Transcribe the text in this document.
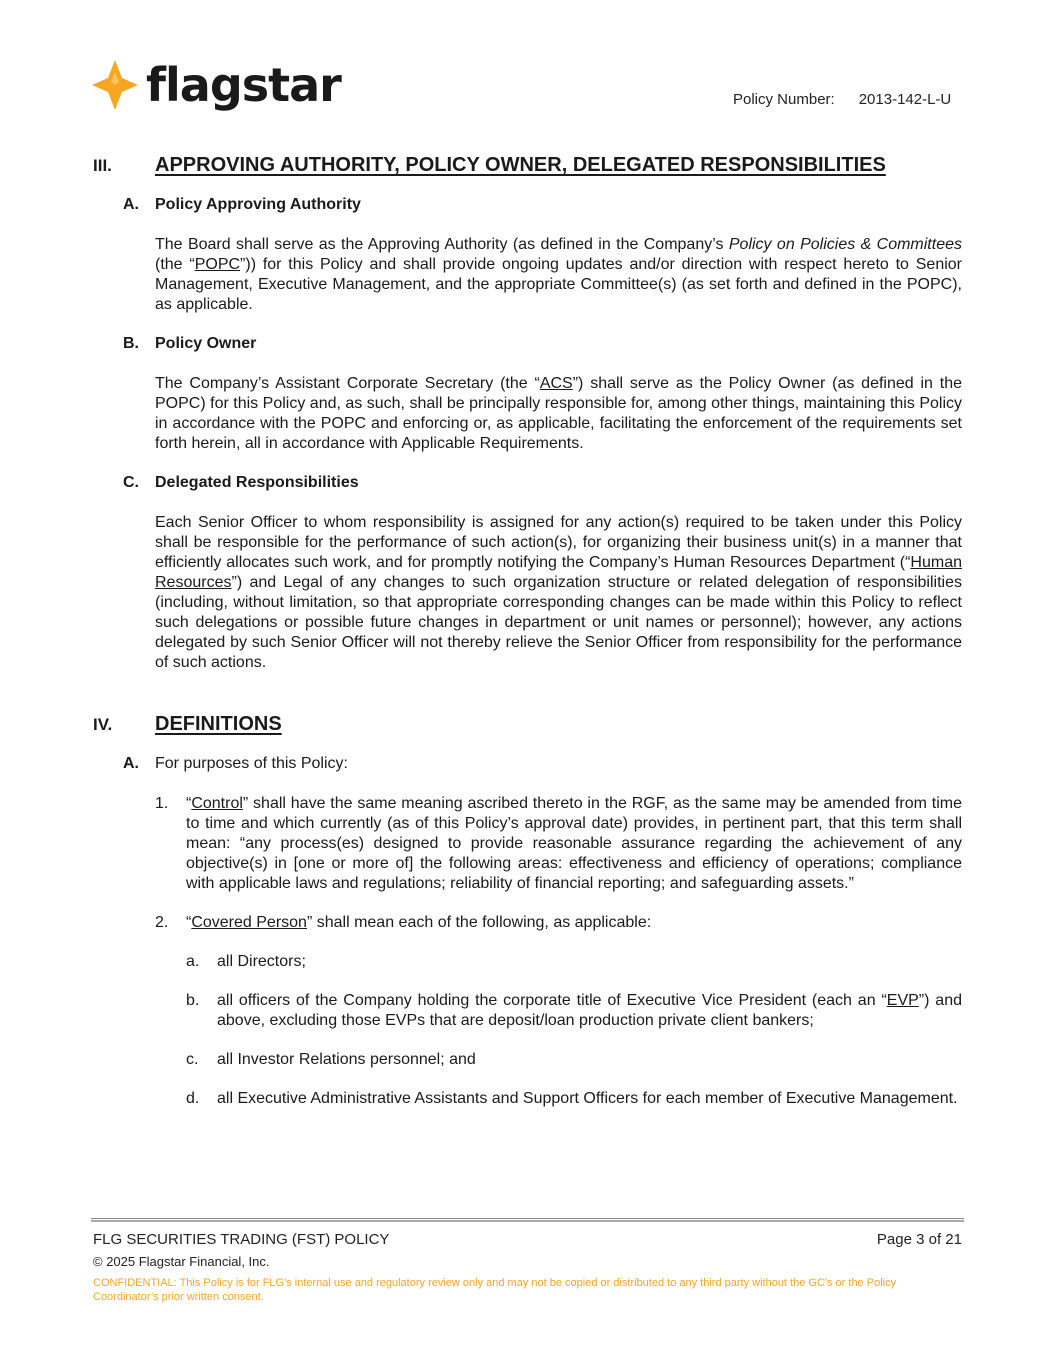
flagstar	Policy Number: 2013-142-L-U
III.	APPROVING AUTHORITY, POLICY OWNER, DELEGATED RESPONSIBILITIES
A.	Policy Approving Authority

The Board shall serve as the Approving Authority (as defined in the Company’s Policy on Policies & Committees (the “POPC”)) for this Policy and shall provide ongoing updates and/or direction with respect hereto to Senior Management, Executive Management, and the appropriate Committee(s) (as set forth and defined in the POPC), as applicable.

B.	Policy Owner

The Company’s Assistant Corporate Secretary (the “ACS”) shall serve as the Policy Owner (as defined in the POPC) for this Policy and, as such, shall be principally responsible for, among other things, maintaining this Policy in accordance with the POPC and enforcing or, as applicable, facilitating the enforcement of the requirements set forth herein, all in accordance with Applicable Requirements.

C.	Delegated Responsibilities

Each Senior Officer to whom responsibility is assigned for any action(s) required to be taken under this Policy shall be responsible for the performance of such action(s), for organizing their business unit(s) in a manner that efficiently allocates such work, and for promptly notifying the Company’s Human Resources Department (“Human Resources”) and Legal of any changes to such organization structure or related delegation of responsibilities (including, without limitation, so that appropriate corresponding changes can be made within this Policy to reflect such delegations or possible future changes in department or unit names or personnel); however, any actions delegated by such Senior Officer will not thereby relieve the Senior Officer from responsibility for the performance of such actions.

IV.	DEFINITIONS
A.	For purposes of this Policy:
1.	“Control” shall have the same meaning ascribed thereto in the RGF, as the same may be amended from time to time and which currently (as of this Policy’s approval date) provides, in pertinent part, that this term shall mean: “any process(es) designed to provide reasonable assurance regarding the achievement of any objective(s) in [one or more of] the following areas: effectiveness and efficiency of operations; compliance with applicable laws and regulations; reliability of financial reporting; and safeguarding assets.”
2.	“Covered Person” shall mean each of the following, as applicable:
a.	all Directors;
b.	all officers of the Company holding the corporate title of Executive Vice President (each an “EVP”) and above, excluding those EVPs that are deposit/loan production private client bankers;
c.	all Investor Relations personnel; and
d.	all Executive Administrative Assistants and Support Officers for each member of Executive Management.
FLG SECURITIES TRADING (FST) POLICY	Page 3 of 21
© 2025 Flagstar Financial, Inc.
CONFIDENTIAL: This Policy is for FLG's internal use and regulatory review only and may not be copied or distributed to any third party without the GC's or the Policy Coordinator’s prior written consent.
